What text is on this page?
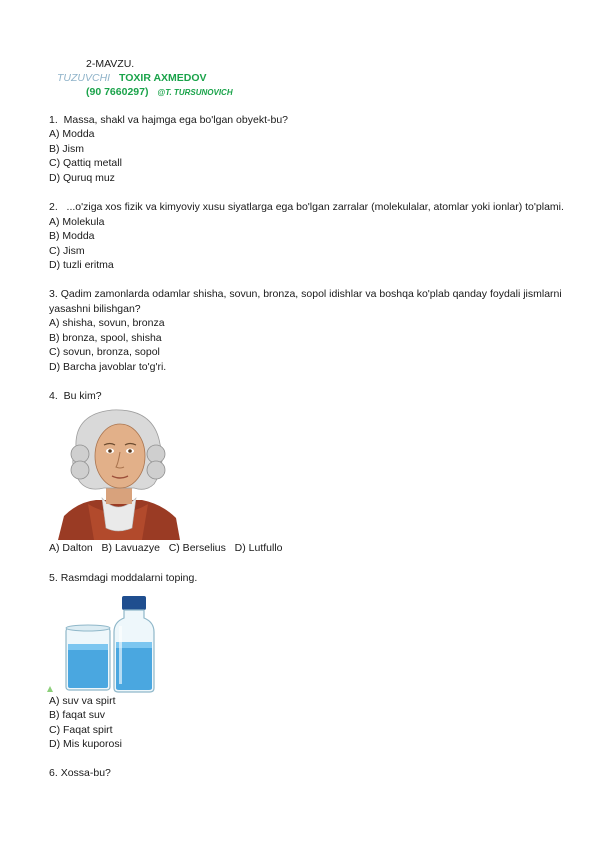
2-MAVZU.
TUZUVCHI TOXIR AXMEDOV
(90 7660297) @T. TURSUNOVICH
1. Massa, shakl va hajmga ega bo'lgan obyekt-bu?
A) Modda
B) Jism
C) Qattiq metall
D) Quruq muz
2. ...o'ziga xos fizik va kimyoviy xusu siyatlarga ega bo'lgan zarralar (molekulalar, atomlar yoki ionlar) to'plami.
A) Molekula
B) Modda
C) Jism
D) tuzli eritma
3. Qadim zamonlarda odamlar shisha, sovun, bronza, sopol idishlar va boshqa ko'plab qanday foydali jismlarni
yasashni bilishgan?
A) shisha, sovun, bronza
B) bronza, spool, shisha
C) sovun, bronza, sopol
D) Barcha javoblar to'g'ri.
4. Bu kim?
A) Dalton B) Lavuazye C) Berselius D) Lutfullo
5. Rasmdagi moddalarni toping.
A) suv va spirt
B) faqat suv
C) Faqat spirt
D) Mis kuporosi
6. Xossa-bu?
